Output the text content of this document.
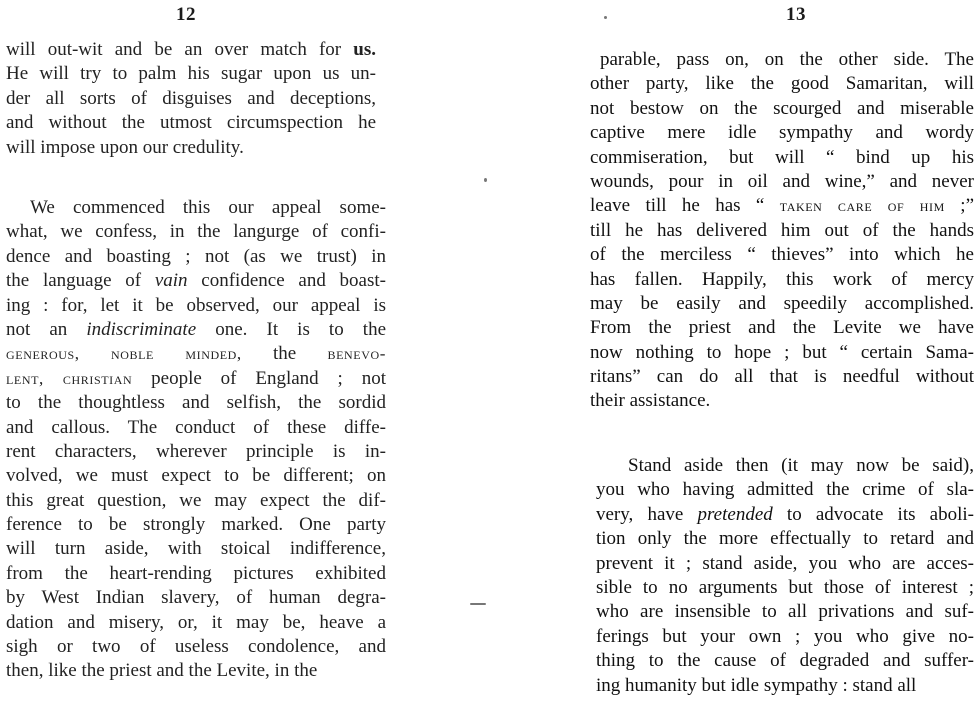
12
will out-wit and be an over match for us.
He will try to palm his sugar upon us un-
der all sorts of disguises and deceptions,
and without the utmost circumspection he
will impose upon our credulity.
We commenced this our appeal some-
what, we confess, in the langurge of confi-
dence and boasting ; not (as we trust) in
the language of vain confidence and boast-
ing : for, let it be observed, our appeal is
not an indiscriminate one. It is to the
generous, noble minded, the benevo-
lent, christian people of England ; not
to the thoughtless and selfish, the sordid
and callous. The conduct of these diffe-
rent characters, wherever principle is in-
volved, we must expect to be different; on
this great question, we may expect the dif-
ference to be strongly marked. One party
will turn aside, with stoical indifference,
from the heart-rending pictures exhibited
by West Indian slavery, of human degra-
dation and misery, or, it may be, heave a
sigh or two of useless condolence, and
then, like the priest and the Levite, in the
13
parable, pass on, on the other side. The
other party, like the good Samaritan, will
not bestow on the scourged and miserable
captive mere idle sympathy and wordy
commiseration, but will “ bind up his
wounds, pour in oil and wine,” and never
leave till he has “ taken care of him ;”
till he has delivered him out of the hands
of the merciless “ thieves” into which he
has fallen. Happily, this work of mercy
may be easily and speedily accomplished.
From the priest and the Levite we have
now nothing to hope ; but “ certain Sama-
ritans” can do all that is needful without
their assistance.
Stand aside then (it may now be said),
you who having admitted the crime of sla-
very, have pretended to advocate its aboli-
tion only the more effectually to retard and
prevent it ; stand aside, you who are acces-
sible to no arguments but those of interest ;
who are insensible to all privations and suf-
ferings but your own ; you who give no-
thing to the cause of degraded and suffer-
ing humanity but idle sympathy : stand all
